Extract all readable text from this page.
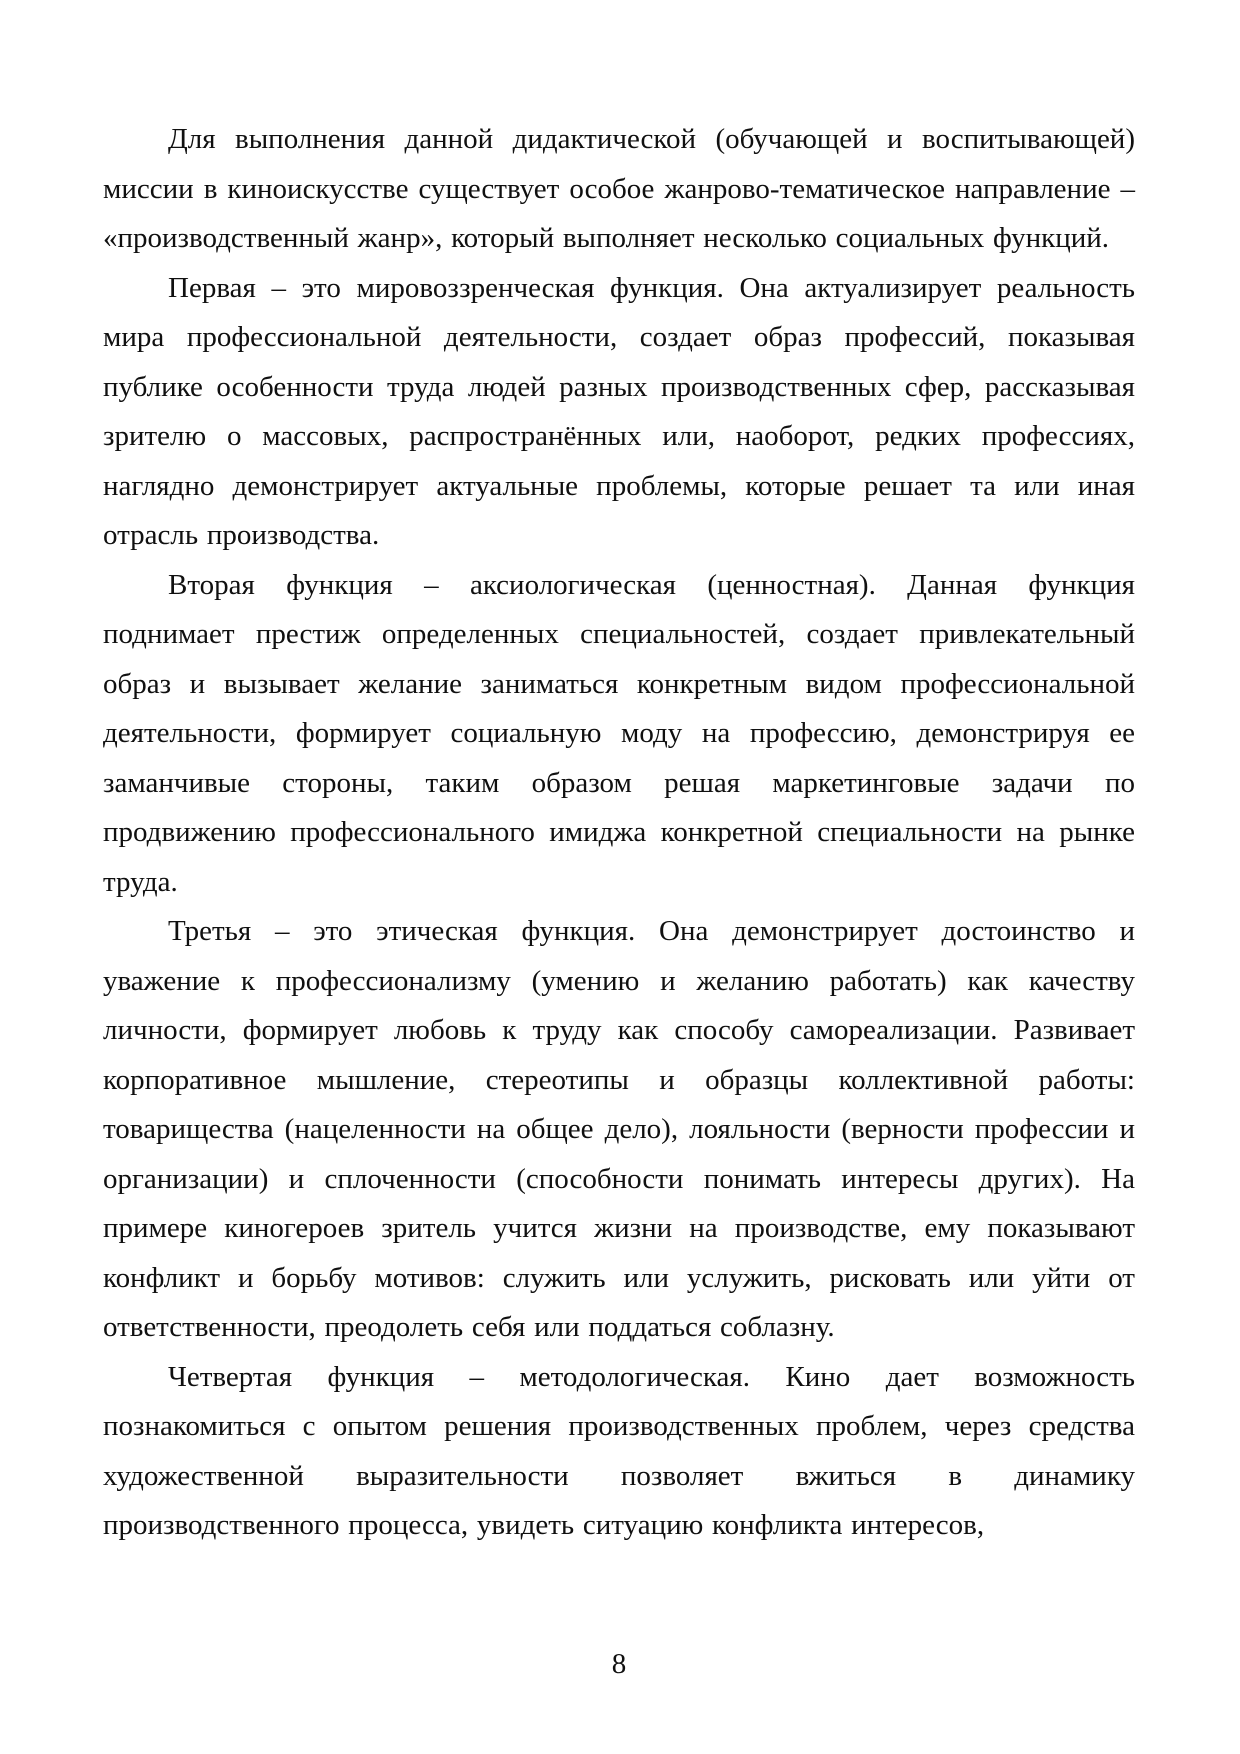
Для выполнения данной дидактической (обучающей и воспитывающей) миссии в киноискусстве существует особое жанрово-тематическое направление – «производственный жанр», который выполняет несколько социальных функций.

Первая – это мировоззренческая функция. Она актуализирует реальность мира профессиональной деятельности, создает образ профессий, показывая публике особенности труда людей разных производственных сфер, рассказывая зрителю о массовых, распространённых или, наоборот, редких профессиях, наглядно демонстрирует актуальные проблемы, которые решает та или иная отрасль производства.

Вторая функция – аксиологическая (ценностная). Данная функция поднимает престиж определенных специальностей, создает привлекательный образ и вызывает желание заниматься конкретным видом профессиональной деятельности, формирует социальную моду на профессию, демонстрируя ее заманчивые стороны, таким образом решая маркетинговые задачи по продвижению профессионального имиджа конкретной специальности на рынке труда.

Третья – это этическая функция. Она демонстрирует достоинство и уважение к профессионализму (умению и желанию работать) как качеству личности, формирует любовь к труду как способу самореализации. Развивает корпоративное мышление, стереотипы и образцы коллективной работы: товарищества (нацеленности на общее дело), лояльности (верности профессии и организации) и сплоченности (способности понимать интересы других). На примере киногероев зритель учится жизни на производстве, ему показывают конфликт и борьбу мотивов: служить или услужить, рисковать или уйти от ответственности, преодолеть себя или поддаться соблазну.

Четвертая функция – методологическая. Кино дает возможность познакомиться с опытом решения производственных проблем, через средства художественной выразительности позволяет вжиться в динамику производственного процесса, увидеть ситуацию конфликта интересов,

8
